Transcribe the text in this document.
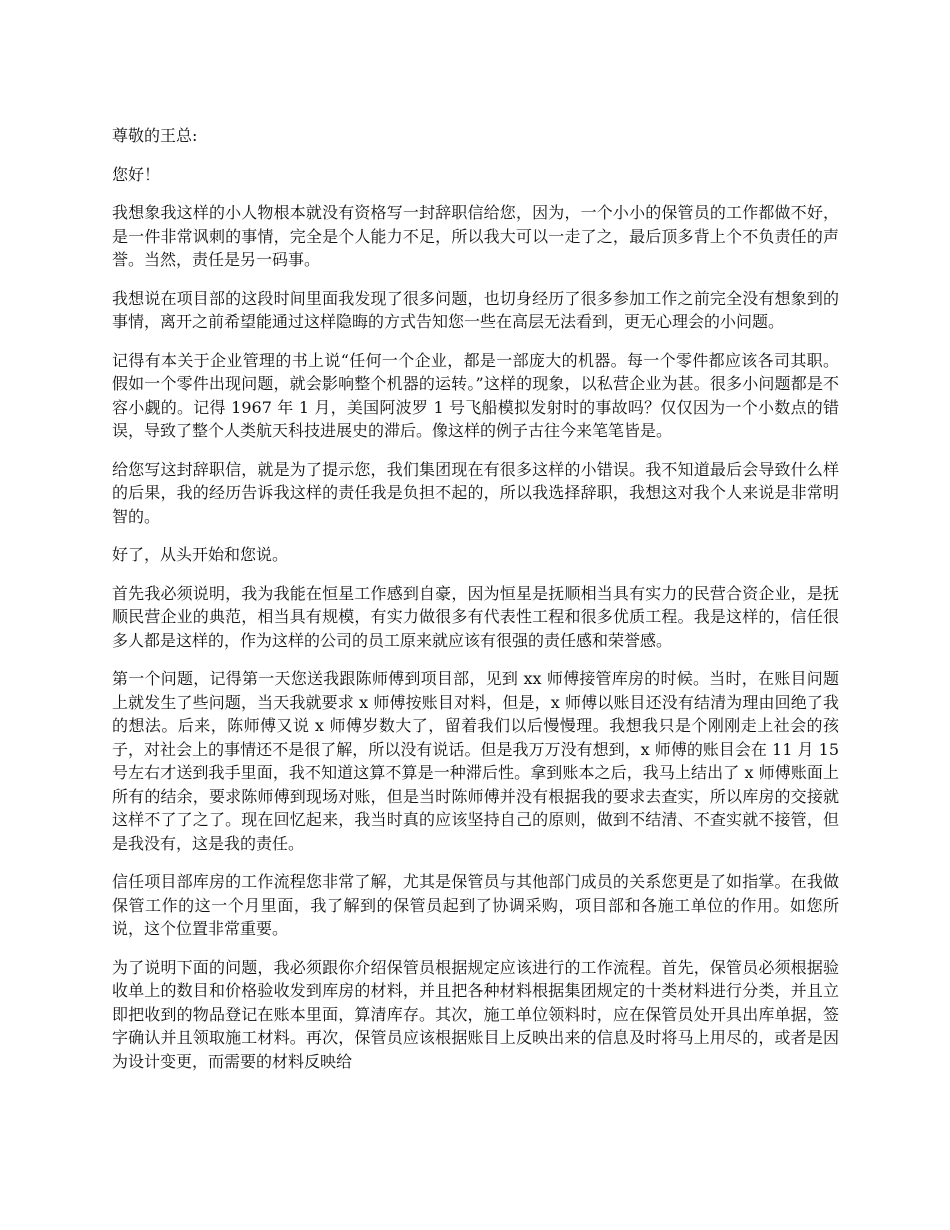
尊敬的王总:

您好！

我想象我这样的小人物根本就没有资格写一封辞职信给您，因为，一个小小的保管员的工作都做不好，是一件非常讽刺的事情，完全是个人能力不足，所以我大可以一走了之，最后顶多背上个不负责任的声誉。当然，责任是另一码事。

我想说在项目部的这段时间里面我发现了很多问题，也切身经历了很多参加工作之前完全没有想象到的事情，离开之前希望能通过这样隐晦的方式告知您一些在高层无法看到，更无心理会的小问题。

记得有本关于企业管理的书上说“任何一个企业，都是一部庞大的机器。每一个零件都应该各司其职。假如一个零件出现问题，就会影响整个机器的运转。”这样的现象，以私营企业为甚。很多小问题都是不容小觑的。记得 1967 年 1 月，美国阿波罗 1 号飞船模拟发射时的事故吗？仅仅因为一个小数点的错误，导致了整个人类航天科技进展史的滞后。像这样的例子古往今来笔笔皆是。

给您写这封辞职信，就是为了提示您，我们集团现在有很多这样的小错误。我不知道最后会导致什么样的后果，我的经历告诉我这样的责任我是负担不起的，所以我选择辞职，我想这对我个人来说是非常明智的。

好了，从头开始和您说。

首先我必须说明，我为我能在恒星工作感到自豪，因为恒星是抚顺相当具有实力的民营合资企业，是抚顺民营企业的典范，相当具有规模，有实力做很多有代表性工程和很多优质工程。我是这样的，信任很多人都是这样的，作为这样的公司的员工原来就应该有很强的责任感和荣誉感。

第一个问题，记得第一天您送我跟陈师傅到项目部，见到 xx 师傅接管库房的时候。当时，在账目问题上就发生了些问题，当天我就要求 x 师傅按账目对料，但是，x 师傅以账目还没有结清为理由回绝了我的想法。后来，陈师傅又说 x 师傅岁数大了，留着我们以后慢慢理。我想我只是个刚刚走上社会的孩子，对社会上的事情还不是很了解，所以没有说话。但是我万万没有想到，x 师傅的账目会在 11 月 15 号左右才送到我手里面，我不知道这算不算是一种滞后性。拿到账本之后，我马上结出了 x 师傅账面上所有的结余，要求陈师傅到现场对账，但是当时陈师傅并没有根据我的要求去查实，所以库房的交接就这样不了了之了。现在回忆起来，我当时真的应该坚持自己的原则，做到不结清、不查实就不接管，但是我没有，这是我的责任。

信任项目部库房的工作流程您非常了解，尤其是保管员与其他部门成员的关系您更是了如指掌。在我做保管工作的这一个月里面，我了解到的保管员起到了协调采购，项目部和各施工单位的作用。如您所说，这个位置非常重要。

为了说明下面的问题，我必须跟你介绍保管员根据规定应该进行的工作流程。首先，保管员必须根据验收单上的数目和价格验收发到库房的材料，并且把各种材料根据集团规定的十类材料进行分类，并且立即把收到的物品登记在账本里面，算清库存。其次，施工单位领料时，应在保管员处开具出库单据，签字确认并且领取施工材料。再次，保管员应该根据账目上反映出来的信息及时将马上用尽的，或者是因为设计变更，而需要的材料反映给
